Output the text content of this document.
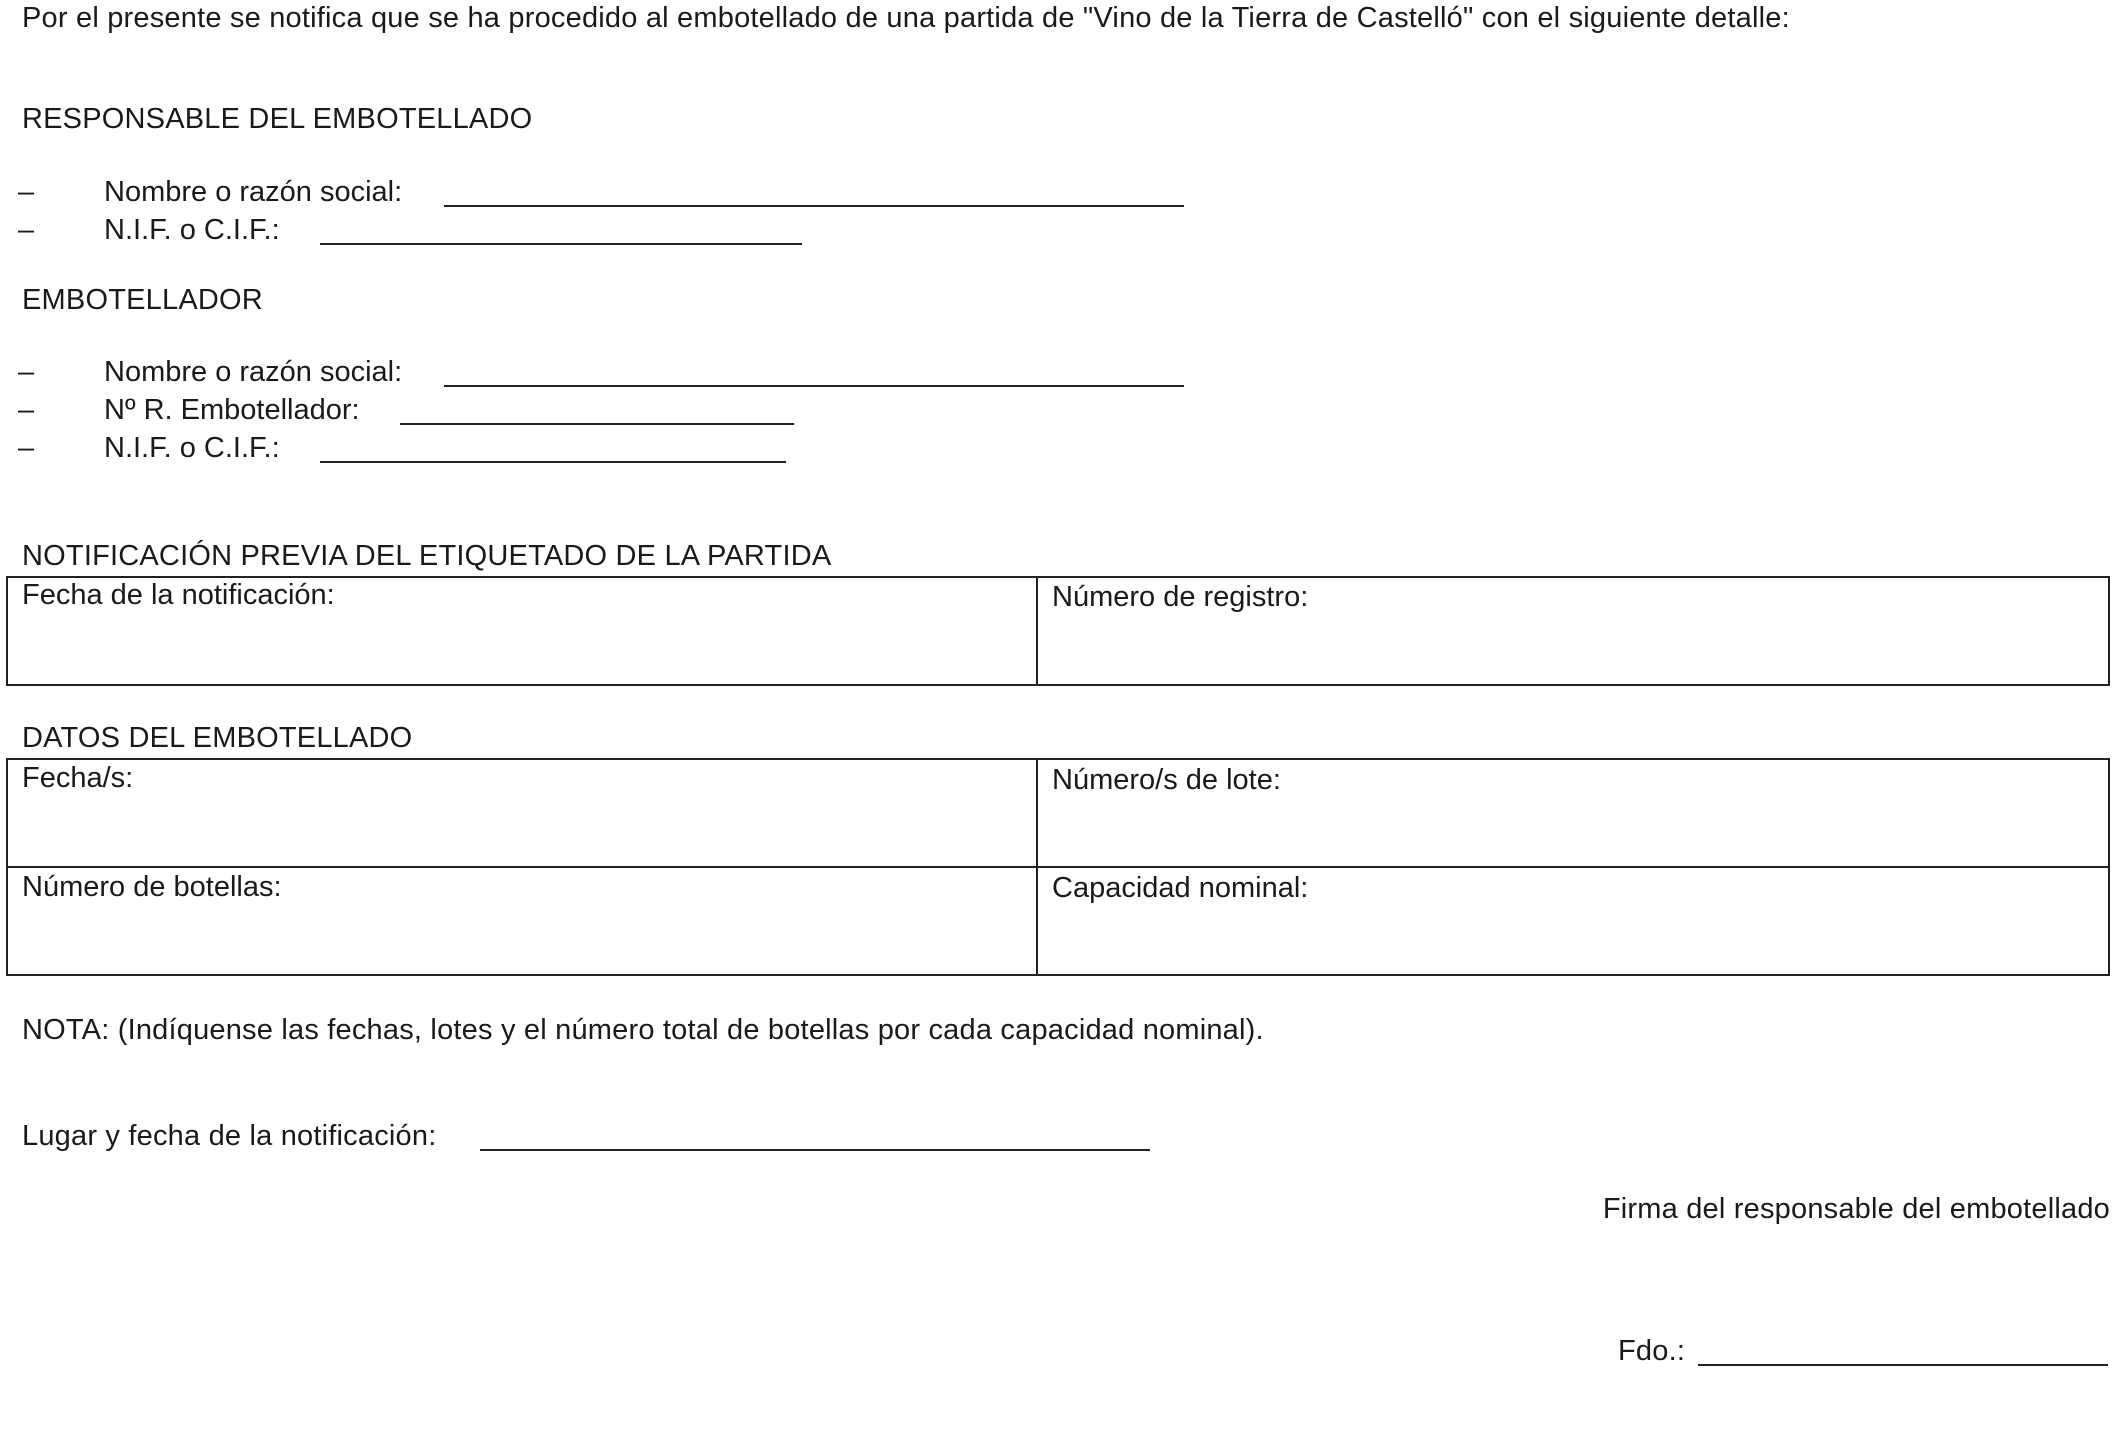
Por el presente se notifica que se ha procedido al embotellado de una partida de "Vino de la Tierra de Castelló" con el siguiente detalle:
RESPONSABLE DEL EMBOTELLADO
– Nombre o razón social:
– N.I.F. o C.I.F.:
EMBOTELLADOR
– Nombre o razón social:
– Nº R. Embotellador:
– N.I.F. o C.I.F.:
NOTIFICACIÓN PREVIA DEL ETIQUETADO DE LA PARTIDA
Fecha de la notificación:	Número de registro:
DATOS DEL EMBOTELLADO
Fecha/s:	Número/s de lote:
Número de botellas:	Capacidad nominal:
NOTA: (Indíquense las fechas, lotes y el número total de botellas por cada capacidad nominal).
Lugar y fecha de la notificación:
Firma del responsable del embotellado
Fdo.:
